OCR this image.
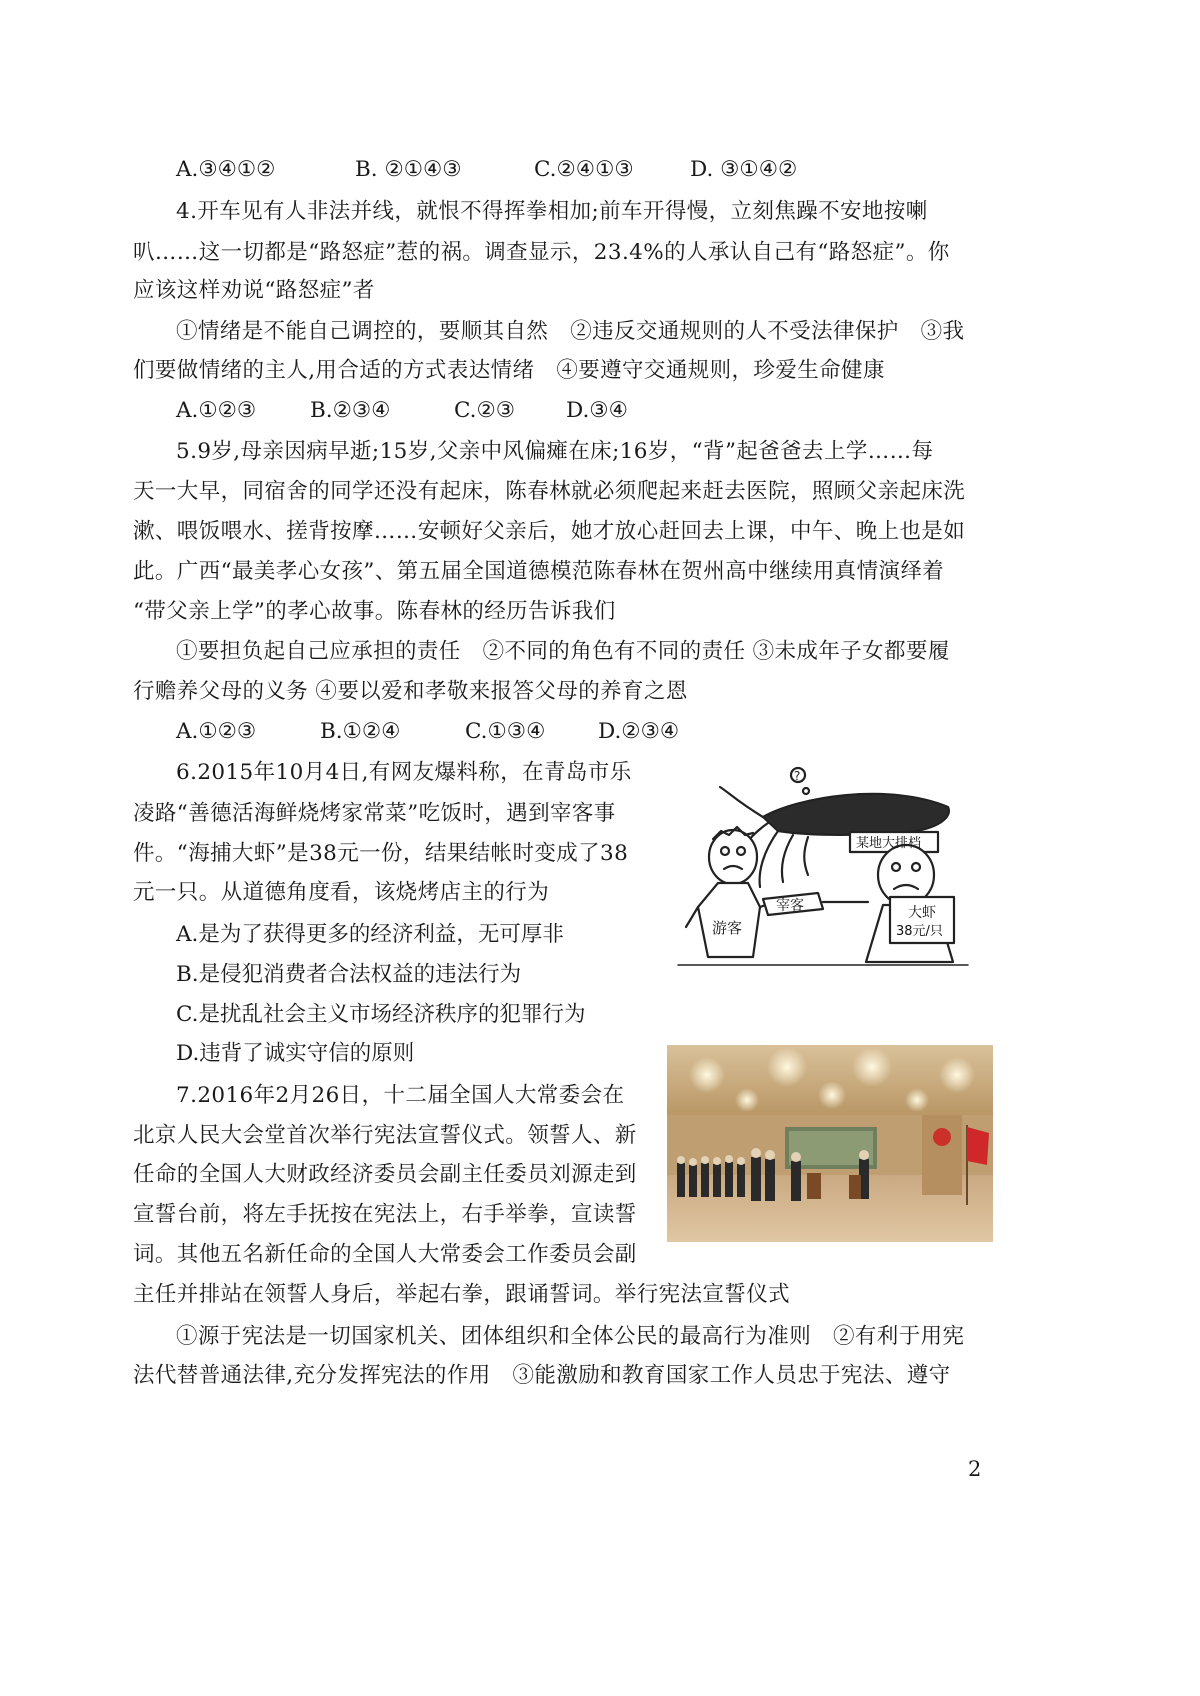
A.③④①②	B. ②①④③	C.②④①③	D. ③①④②
4.开车见有人非法并线，就恨不得挥拳相加;前车开得慢，立刻焦躁不安地按喇
叭……这一切都是“路怒症”惹的祸。调查显示，23.4%的人承认自己有“路怒症”。你
应该这样劝说“路怒症”者
①情绪是不能自己调控的，要顺其自然　②违反交通规则的人不受法律保护　③我
们要做情绪的主人,用合适的方式表达情绪　④要遵守交通规则，珍爱生命健康
A.①②③	B.②③④	C.②③ D.③④
5.9岁,母亲因病早逝;15岁,父亲中风偏瘫在床;16岁，“背”起爸爸去上学……每
天一大早，同宿舍的同学还没有起床，陈春林就必须爬起来赶去医院，照顾父亲起床洗
漱、喂饭喂水、搓背按摩……安顿好父亲后，她才放心赶回去上课，中午、晚上也是如
此。广西“最美孝心女孩”、第五届全国道德模范陈春林在贺州高中继续用真情演绎着
“带父亲上学”的孝心故事。陈春林的经历告诉我们
①要担负起自己应承担的责任　②不同的角色有不同的责任 ③未成年子女都要履
行赡养父母的义务 ④要以爱和孝敬来报答父母的养育之恩
A.①②③	B.①②④	C.①③④ D.②③④
6.2015年10月4日,有网友爆料称，在青岛市乐
凌路“善德活海鲜烧烤家常菜”吃饭时，遇到宰客事
件。“海捕大虾”是38元一份，结果结帐时变成了38
元一只。从道德角度看，该烧烤店主的行为
A.是为了获得更多的经济利益，无可厚非
B.是侵犯消费者合法权益的违法行为
C.是扰乱社会主义市场经济秩序的犯罪行为
D.违背了诚实守信的原则
?
某地大排档
游客
宰客	大虾
38元/只
7.2016年2月26日，十二届全国人大常委会在
北京人民大会堂首次举行宪法宣誓仪式。领誓人、新
任命的全国人大财政经济委员会副主任委员刘源走到
宣誓台前，将左手抚按在宪法上，右手举拳，宣读誓
词。其他五名新任命的全国人大常委会工作委员会副
主任并排站在领誓人身后，举起右拳，跟诵誓词。举行宪法宣誓仪式
①源于宪法是一切国家机关、团体组织和全体公民的最高行为准则　②有利于用宪
法代替普通法律,充分发挥宪法的作用　③能激励和教育国家工作人员忠于宪法、遵守
2
